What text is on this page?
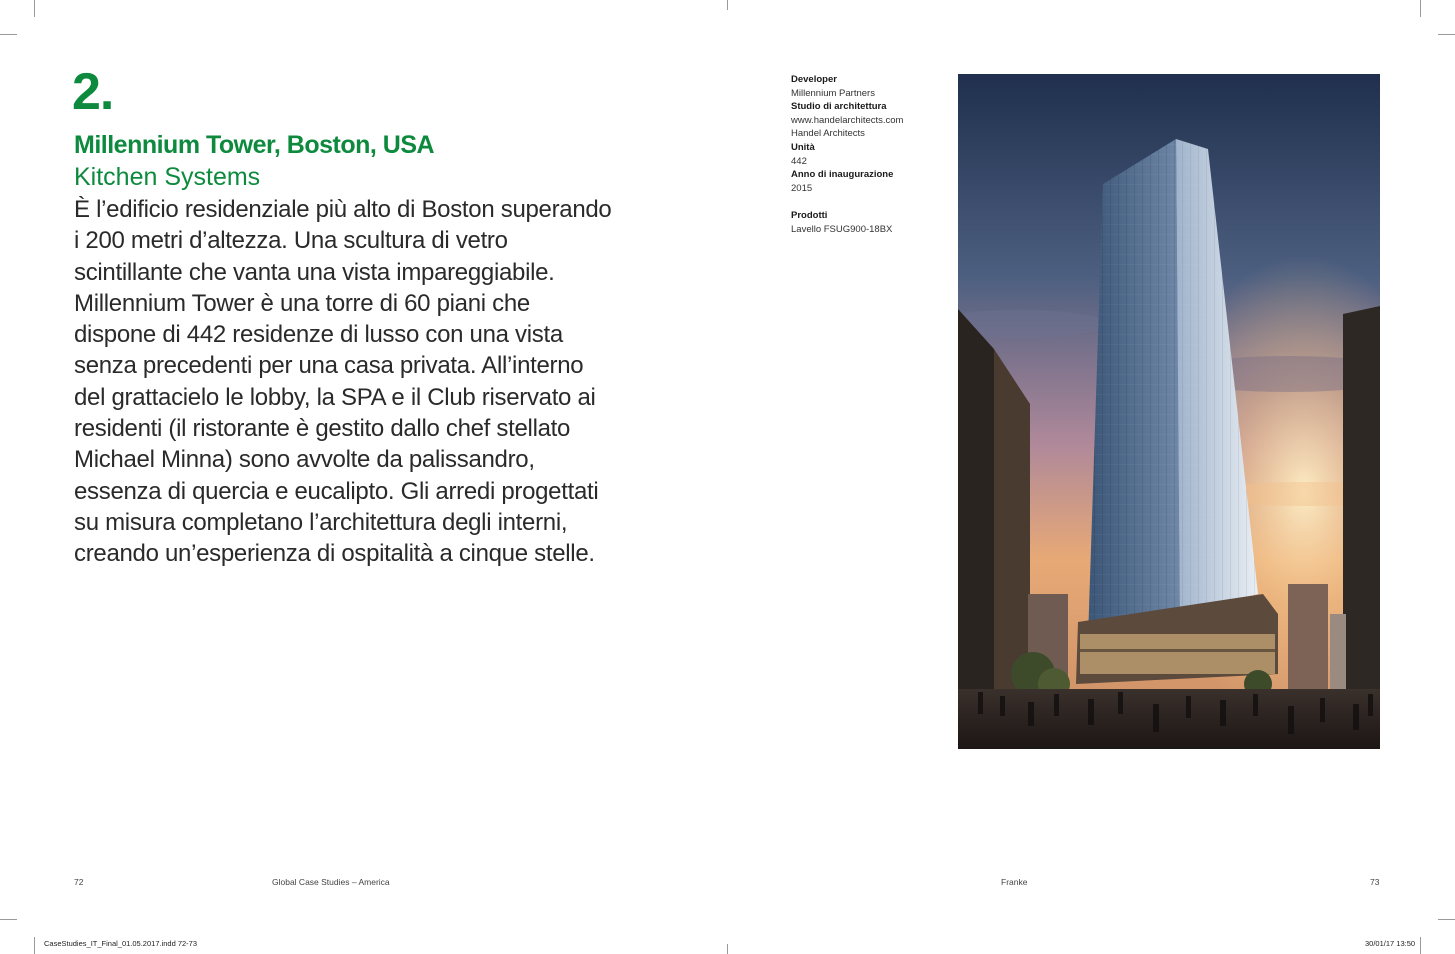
2.
Millennium Tower, Boston, USA
Kitchen Systems
È l’edificio residenziale più alto di Boston superando
i 200 metri d’altezza. Una scultura di vetro
scintillante che vanta una vista impareggiabile.
Millennium Tower è una torre di 60 piani che
dispone di 442 residenze di lusso con una vista
senza precedenti per una casa privata. All’interno
del grattacielo le lobby, la SPA e il Club riservato ai
residenti (il ristorante è gestito dallo chef stellato
Michael Minna) sono avvolte da palissandro,
essenza di quercia e eucalipto. Gli arredi progettati
su misura completano l’architettura degli interni,
creando un’esperienza di ospitalità a cinque stelle.
Developer
Millennium Partners
Studio di architettura
www.handelarchitects.com
Handel Architects
Unità
442
Anno di inaugurazione
2015
Prodotti
Lavello FSUG900-18BX
72	Global Case Studies – America	Franke	73
CaseStudies_IT_Final_01.05.2017.indd 72-73	30/01/17 13:50
